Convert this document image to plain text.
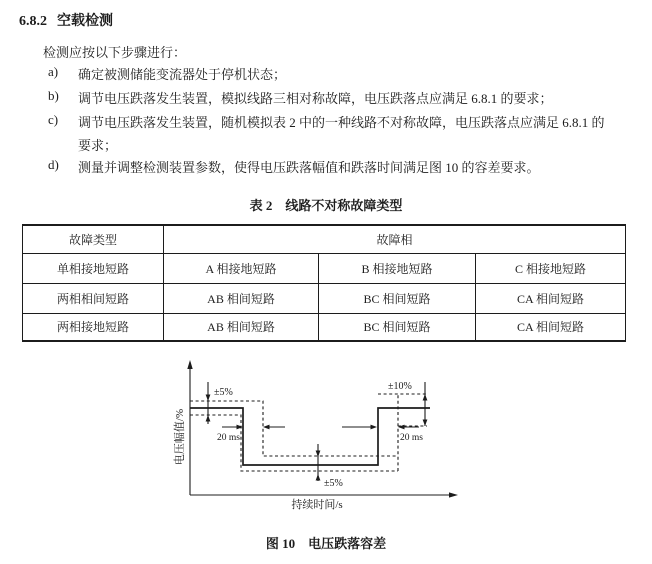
6.8.2 空载检测
检测应按以下步骤进行：
a)	确定被测储能变流器处于停机状态；
b)	调节电压跌落发生装置，模拟线路三相对称故障，电压跌落点应满足 6.8.1 的要求；
c)	调节电压跌落发生装置，随机模拟表 2 中的一种线路不对称故障，电压跌落点应满足 6.8.1 的
要求；
d)	测量并调整检测装置参数，使得电压跌落幅值和跌落时间满足图 10 的容差要求。
表 2　线路不对称故障类型
故障类型	故障相		
单相接地短路	A 相接地短路	B 相接地短路	C 相接地短路
两相相间短路	AB 相间短路	BC 相间短路	CA 相间短路
两相接地短路	AB 相间短路	BC 相间短路	CA 相间短路
±5%
20 ms
±5%
±10%
20 ms
电压幅值/%
持续时间/s
图 10　电压跌落容差
